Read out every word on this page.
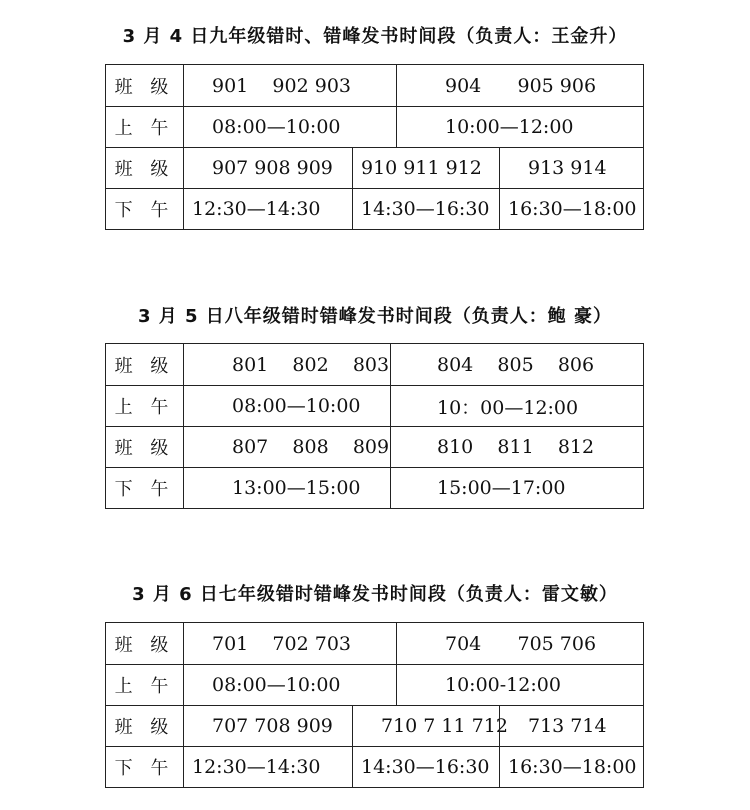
3 月 4 日九年级错时、错峰发书时间段（负责人：王金升）
班 级	901    902 903	904      905 906
上 午	08:00—10:00	10:00—12:00
班 级	907 908 909	910 911 912	913 914
下 午 12:30—14:30	14:30—16:30 16:30—18:00
3 月 5 日八年级错时错峰发书时间段（负责人：鲍 豪）
班 级	801    802    803	804    805    806
上 午	08:00—10:00	10：00—12:00
班 级	807    808    809	810    811    812
下 午	13:00—15:00	15:00—17:00
3 月 6 日七年级错时错峰发书时间段（负责人：雷文敏）
班 级	701    702 703	704      705 706
上 午	08:00—10:00	10:00-12:00
班 级	707 708 909	710 7 11 712	713 714
下 午 12:30—14:30	14:30—16:30 16:30—18:00
